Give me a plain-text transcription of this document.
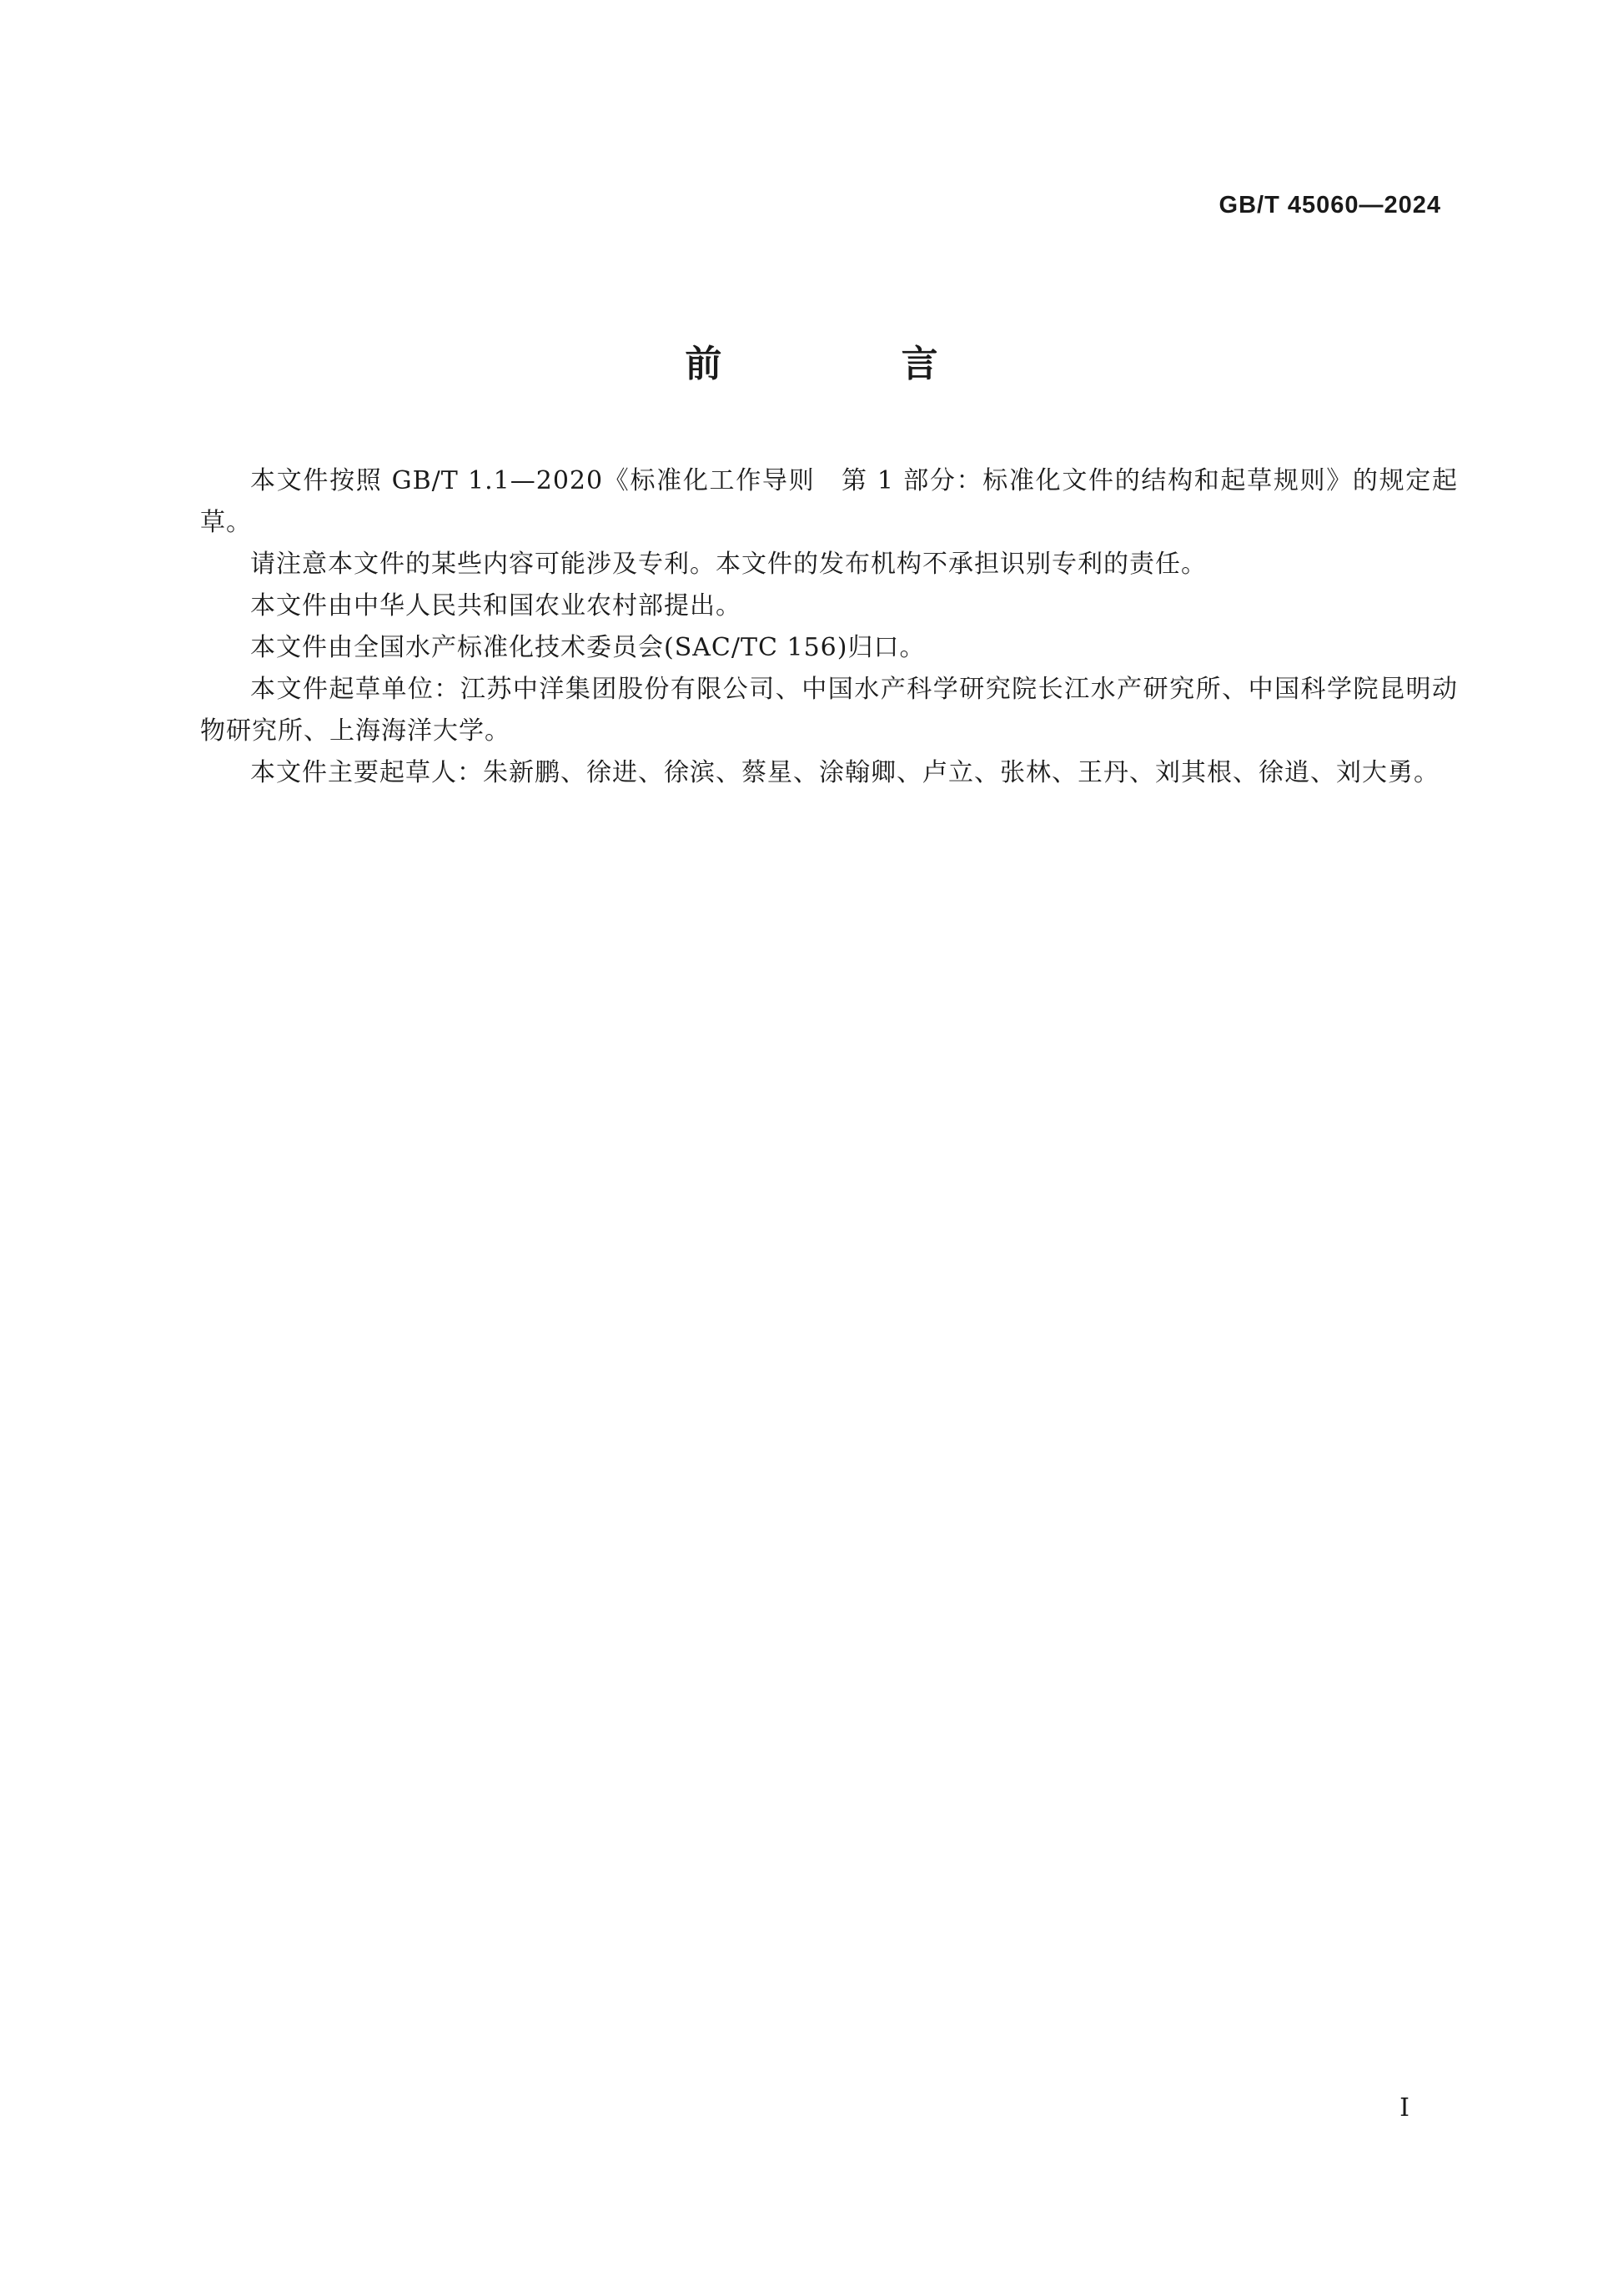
GB/T 45060—2024

前 言

本文件按照 GB/T 1.1—2020《标准化工作导则　第 1 部分：标准化文件的结构和起草规则》的规定起草。

请注意本文件的某些内容可能涉及专利。本文件的发布机构不承担识别专利的责任。

本文件由中华人民共和国农业农村部提出。

本文件由全国水产标准化技术委员会(SAC/TC 156)归口。

本文件起草单位：江苏中洋集团股份有限公司、中国水产科学研究院长江水产研究所、中国科学院昆明动物研究所、上海海洋大学。

本文件主要起草人：朱新鹏、徐进、徐滨、蔡星、涂翰卿、卢立、张林、王丹、刘其根、徐逍、刘大勇。

I
